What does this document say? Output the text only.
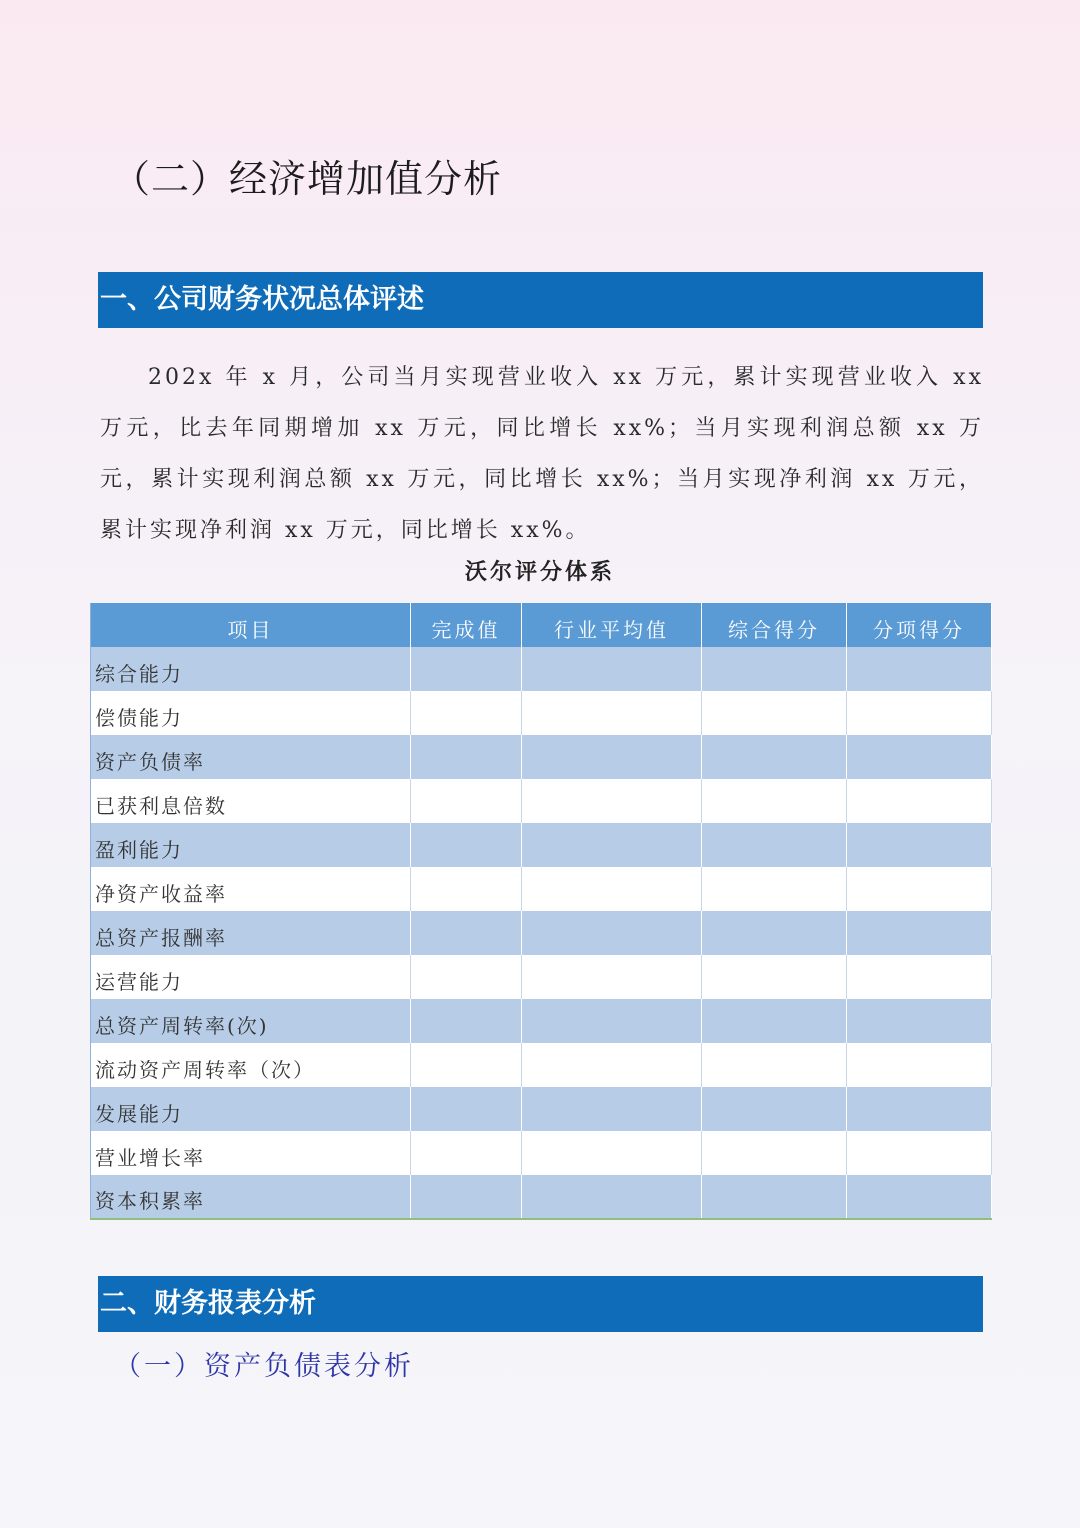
（二）经济增加值分析
一、公司财务状况总体评述
202x 年 x 月，公司当月实现营业收入 xx 万元，累计实现营业收入 xx 万元，比去年同期增加 xx 万元，同比增长 xx%；当月实现利润总额 xx 万元，累计实现利润总额 xx 万元，同比增长 xx%；当月实现净利润 xx 万元，累计实现净利润 xx 万元，同比增长 xx%。
沃尔评分体系
项目	完成值	行业平均值	综合得分	分项得分
综合能力				
偿债能力				
资产负债率				
已获利息倍数				
盈利能力				
净资产收益率				
总资产报酬率				
运营能力				
总资产周转率(次)				
流动资产周转率（次）				
发展能力				
营业增长率				
资本积累率				
二、财务报表分析
（一）资产负债表分析
